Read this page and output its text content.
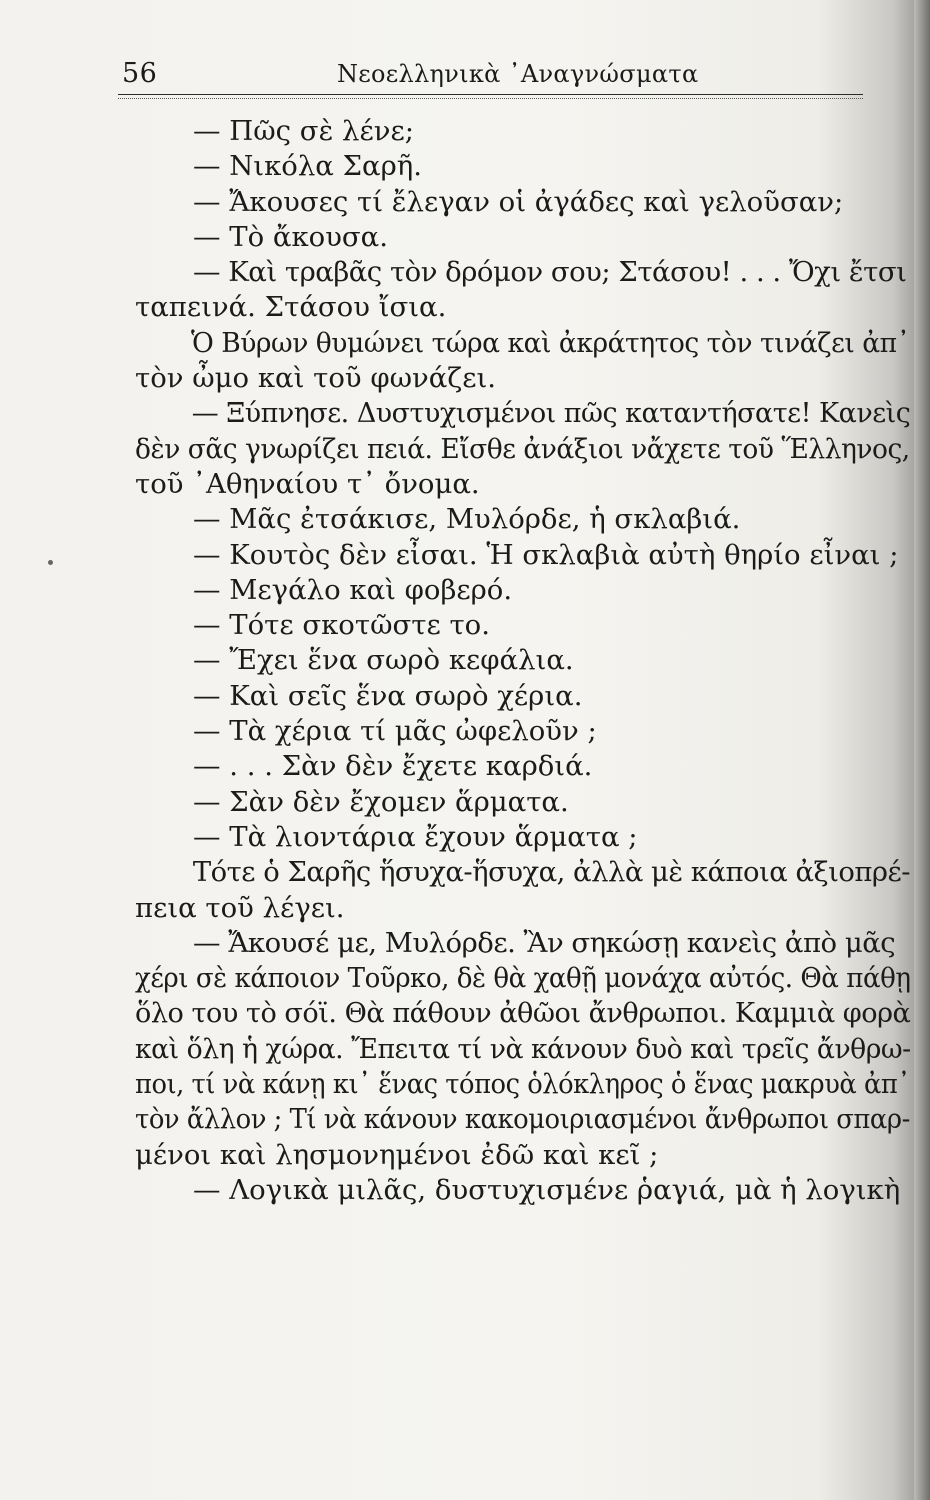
56	Νεοελληνικὰ ᾿Αναγνώσματα
— Πῶς σὲ λένε;
— Νικόλα Σαρῆ.
— Ἄκουσες τί ἔλεγαν οἱ ἀγάδες καὶ γελοῦσαν;
— Τὸ ἄκουσα.
— Καὶ τραβᾶς τὸν δρόμον σου; Στάσου! . . . Ὄχι ἔτσι
ταπεινά. Στάσου ἴσια.
Ὁ Βύρων θυμώνει τώρα καὶ ἀκράτητος τὸν τινάζει ἀπ᾿
τὸν ὦμο καὶ τοῦ φωνάζει.
— Ξύπνησε. Δυστυχισμένοι πῶς καταντήσατε! Κανεὶς
δὲν σᾶς γνωρίζει πειά. Εἴσθε ἀνάξιοι νἄχετε τοῦ Ἕλληνος,
τοῦ ᾿Αθηναίου τ᾿ ὄνομα.
— Μᾶς ἐτσάκισε, Μυλόρδε, ἡ σκλαβιά.
— Κουτὸς δὲν εἶσαι. Ἡ σκλαβιὰ αὐτὴ θηρίο εἶναι ;
— Μεγάλο καὶ φοβερό.
— Τότε σκοτῶστε το.
— Ἔχει ἕνα σωρὸ κεφάλια.
— Καὶ σεῖς ἕνα σωρὸ χέρια.
— Τὰ χέρια τί μᾶς ὠφελοῦν ;
— . . . Σὰν δὲν ἔχετε καρδιά.
— Σὰν δὲν ἔχομεν ἅρματα.
— Τὰ λιοντάρια ἔχουν ἅρματα ;
Τότε ὁ Σαρῆς ἥσυχα-ἥσυχα, ἀλλὰ μὲ κάποια ἀξιοπρέ-
πεια τοῦ λέγει.
— Ἄκουσέ με, Μυλόρδε. Ἂν σηκώσῃ κανεὶς ἀπὸ μᾶς
χέρι σὲ κάποιον Τοῦρκο, δὲ θὰ χαθῇ μονάχα αὐτός. Θὰ πάθῃ
ὅλο του τὸ σόϊ. Θὰ πάθουν ἀθῶοι ἄνθρωποι. Καμμιὰ φορὰ
καὶ ὅλη ἡ χώρα. Ἔπειτα τί νὰ κάνουν δυὸ καὶ τρεῖς ἄνθρω-
ποι, τί νὰ κάνῃ κι᾿ ἕνας τόπος ὁλόκληρος ὁ ἕνας μακρυὰ ἀπ᾿
τὸν ἄλλον ; Τί νὰ κάνουν κακομοιριασμένοι ἄνθρωποι σπαρ-
μένοι καὶ λησμονημένοι ἐδῶ καὶ κεῖ ;
— Λογικὰ μιλᾶς, δυστυχισμένε ῥαγιά, μὰ ἡ λογικὴ
